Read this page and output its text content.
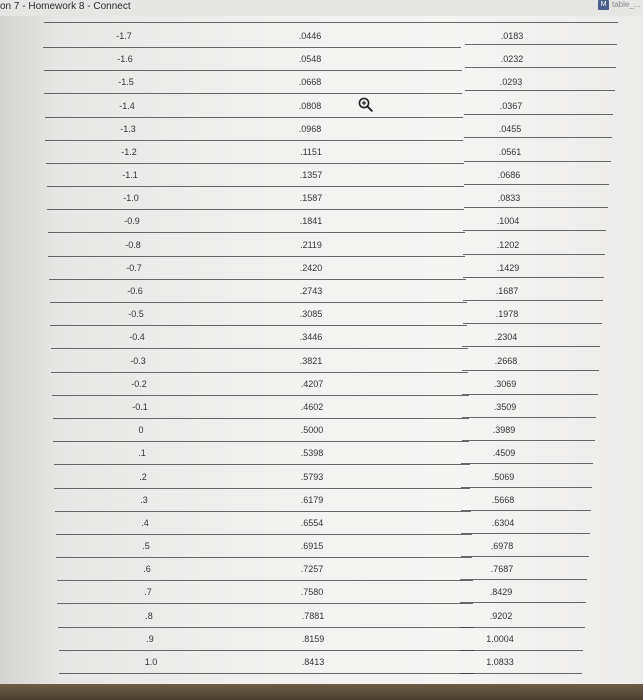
on 7 - Homework 8 - Connect	M table_...
-1.7	.0446	.0183
-1.6	.0548	.0232
-1.5	.0668	.0293
-1.4	.0808	.0367
-1.3	.0968	.0455
-1.2	.1151	.0561
-1.1	.1357	.0686
-1.0	.1587	.0833
-0.9	.1841	.1004
-0.8	.2119	.1202
-0.7	.2420	.1429
-0.6	.2743	.1687
-0.5	.3085	.1978
-0.4	.3446	.2304
-0.3	.3821	.2668
-0.2	.4207	.3069
-0.1	.4602	.3509
0	.5000	.3989
.1	.5398	.4509
.2	.5793	.5069
.3	.6179	.5668
.4	.6554	.6304
.5	.6915	.6978
.6	.7257	.7687
.7	.7580	.8429
.8	.7881	.9202
.9	.8159	1.0004
1.0	.8413	1.0833
